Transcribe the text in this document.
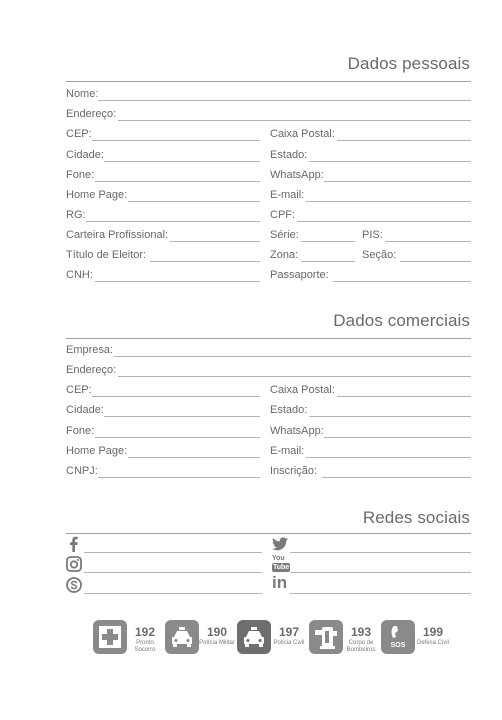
Dados pessoais
Nome:
Endereço:
CEP:	Caixa Postal:
Cidade:	Estado:
Fone:	WhatsApp:
Home Page:	E-mail:
RG:	CPF:
Carteira Profissional:	Série:	PIS:
Título de Eleitor:	Zona:	Seção:
CNH:	Passaporte:
Dados comerciais
Empresa:
Endereço:
CEP:	Caixa Postal:
Cidade:	Estado:
Fone:	WhatsApp:
Home Page:	E-mail:
CNPJ:	Inscrição:
Redes sociais
You
Tube
in
192
Pronto Socorro
190
Polícia Militar
197
Polícia Civil
193
Corpo de Bombeiros
SOS
199
Defesa Civil
